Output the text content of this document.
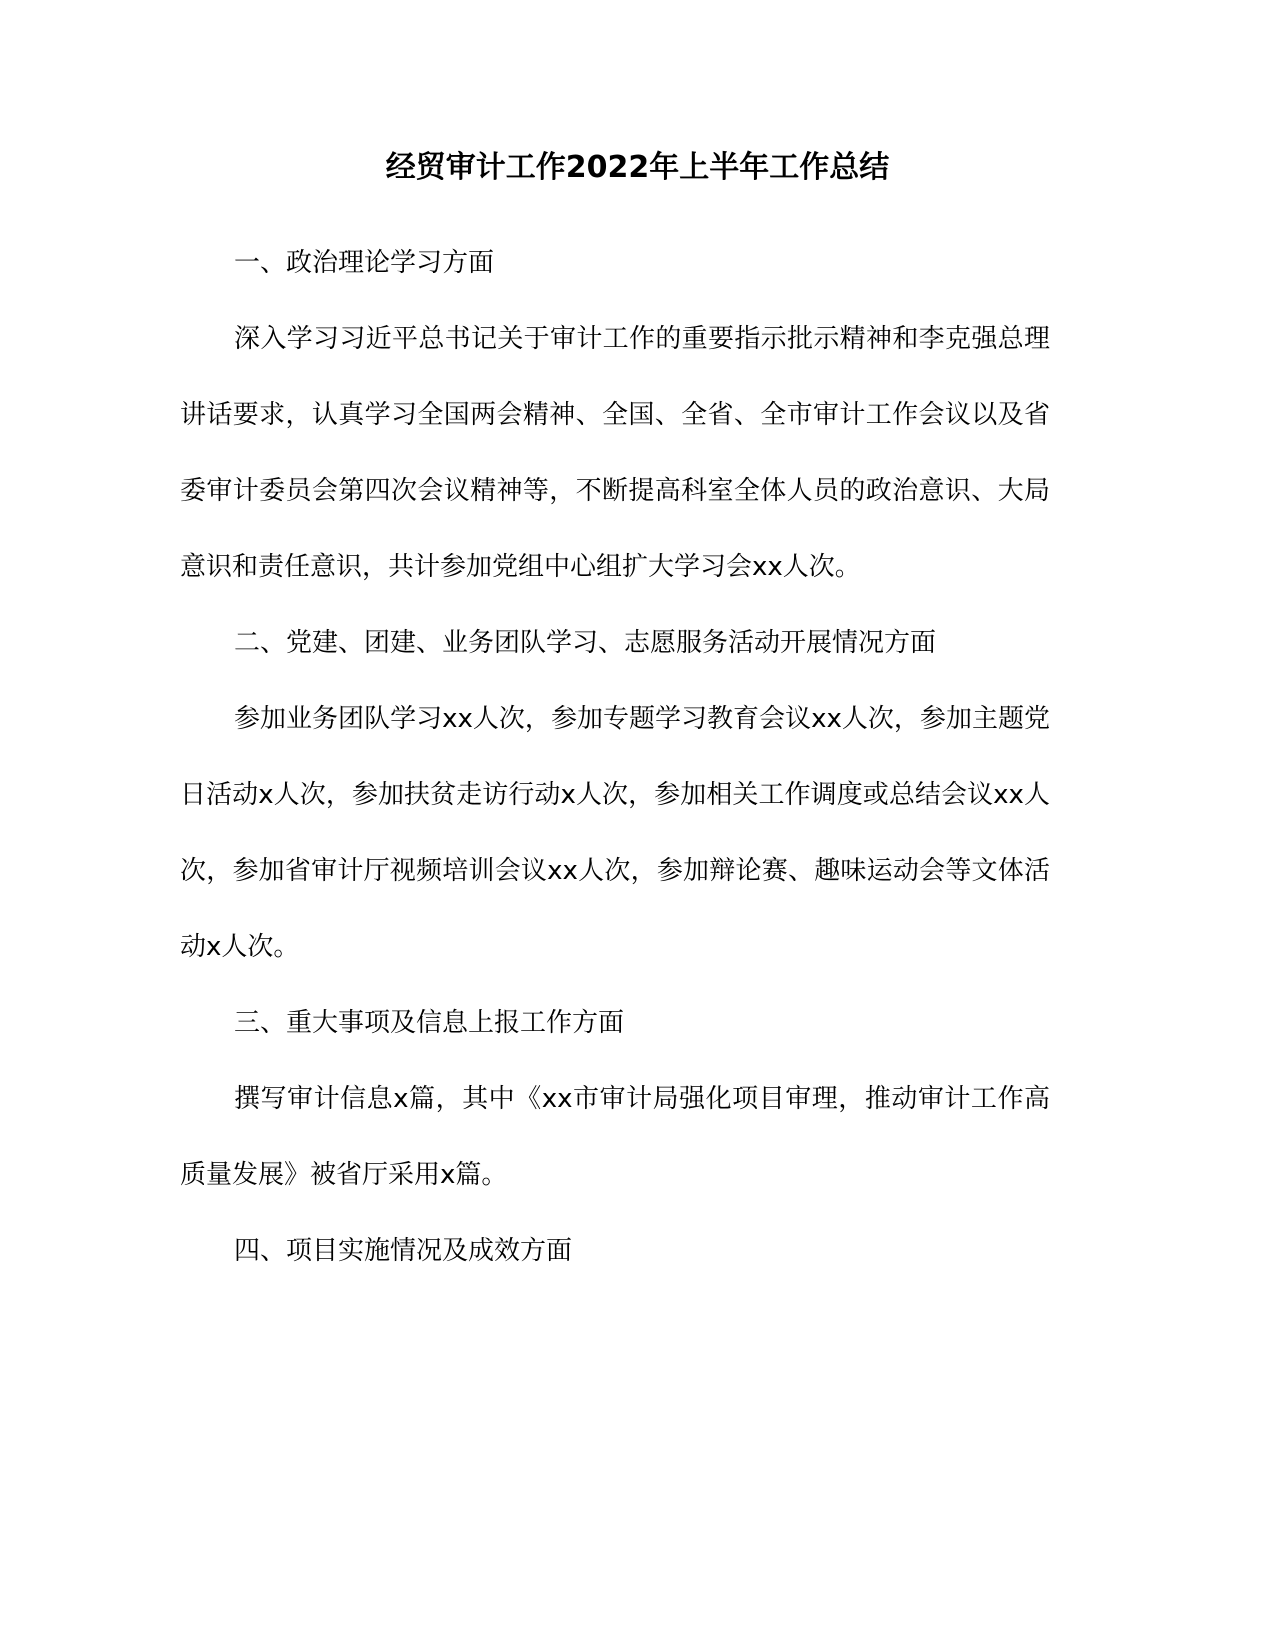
经贸审计工作2022年上半年工作总结

一、政治理论学习方面

深入学习习近平总书记关于审计工作的重要指示批示精神和李克强总理讲话要求，认真学习全国两会精神、全国、全省、全市审计工作会议以及省委审计委员会第四次会议精神等，不断提高科室全体人员的政治意识、大局意识和责任意识，共计参加党组中心组扩大学习会xx人次。

二、党建、团建、业务团队学习、志愿服务活动开展情况方面

参加业务团队学习xx人次，参加专题学习教育会议xx人次，参加主题党日活动x人次，参加扶贫走访行动x人次，参加相关工作调度或总结会议xx人次，参加省审计厅视频培训会议xx人次，参加辩论赛、趣味运动会等文体活动x人次。

三、重大事项及信息上报工作方面

撰写审计信息x篇，其中《xx市审计局强化项目审理，推动审计工作高质量发展》被省厅采用x篇。

四、项目实施情况及成效方面
